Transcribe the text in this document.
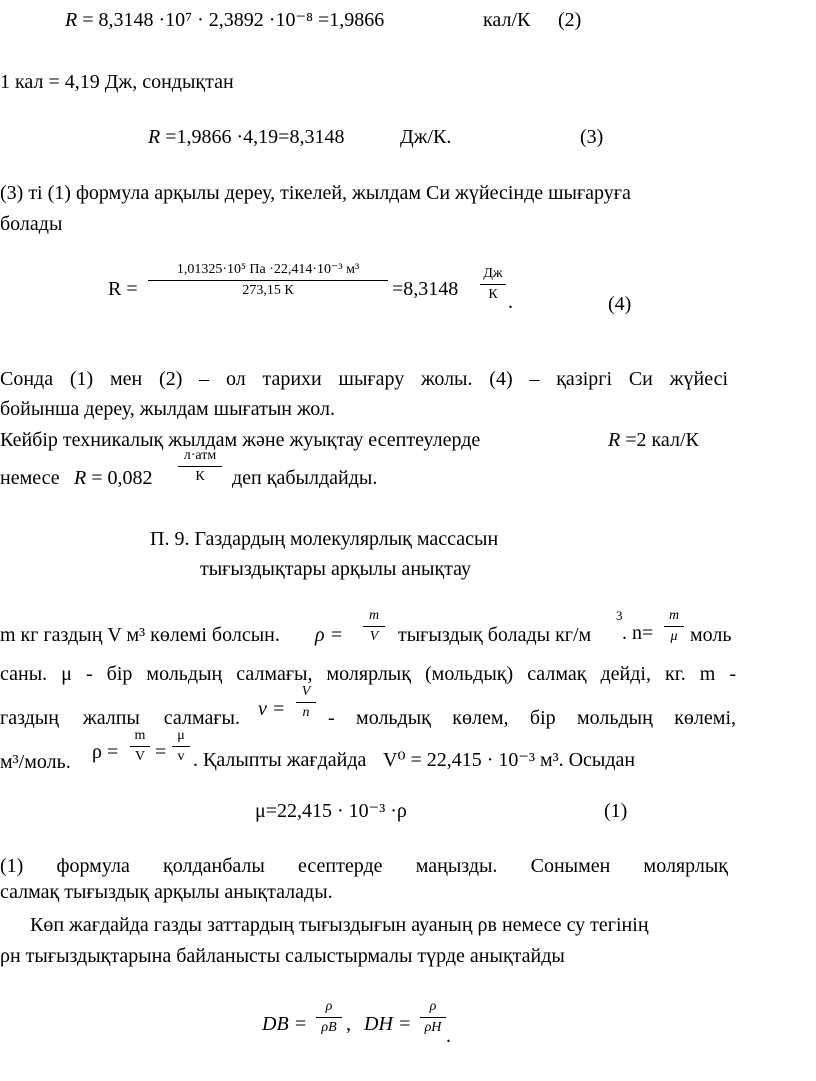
R = 8,3148 ·10⁷ · 2,3892 ·10⁻⁸ =1,9866	кал/К (2)
1 кал = 4,19 Дж, сондықтан
R =1,9866 ·4,19=8,3148	Дж/К.	(3)
(3) ті (1) формула арқылы дереу, тікелей, жылдам Си жүйесінде шығаруға
болады
R =
1,01325·10⁵ Па ·22,414·10⁻³ м³
273,15 К	=8,3148
Дж
К .	(4)
Сонда (1) мен (2) – ол тарихи шығару жолы. (4) – қазіргі Си жүйесі
бойынша дереу, жылдам шығатын жол.
Кейбір техникалық жылдам және жуықтау есептеулерде	R =2 кал/К
немесе R = 0,082
л·атм
К	деп қабылдайды.
П. 9. Газдардың молекулярлық массасын
тығыздықтары арқылы анықтау
m кг газдың V м³ көлемі болсын. ρ =
m
V тығыздық болады кг/м
3
. n=
m
μ моль
саны. μ - бір мольдың салмағы, молярлық (мольдық) салмақ дейді, кг. m -
газдың жалпы салмағы. v =
V
n - мольдық көлем, бір мольдың көлемі,
м³/моль. ρ =
m
V =
μ
v . Қалыпты жағдайда V⁰ = 22,415 · 10⁻³ м³. Осыдан
μ=22,415 · 10⁻³ ·ρ	(1)
(1) формула қолданбалы есептерде маңызды. Сонымен молярлық
салмақ тығыздық арқылы анықталады.
Көп жағдайда газды заттардың тығыздығын ауаның ρв немесе су тегінің
ρн тығыздықтарына байланысты салыстырмалы түрде анықтайды
DB =
ρ
ρB , DH =
ρ
ρH .
